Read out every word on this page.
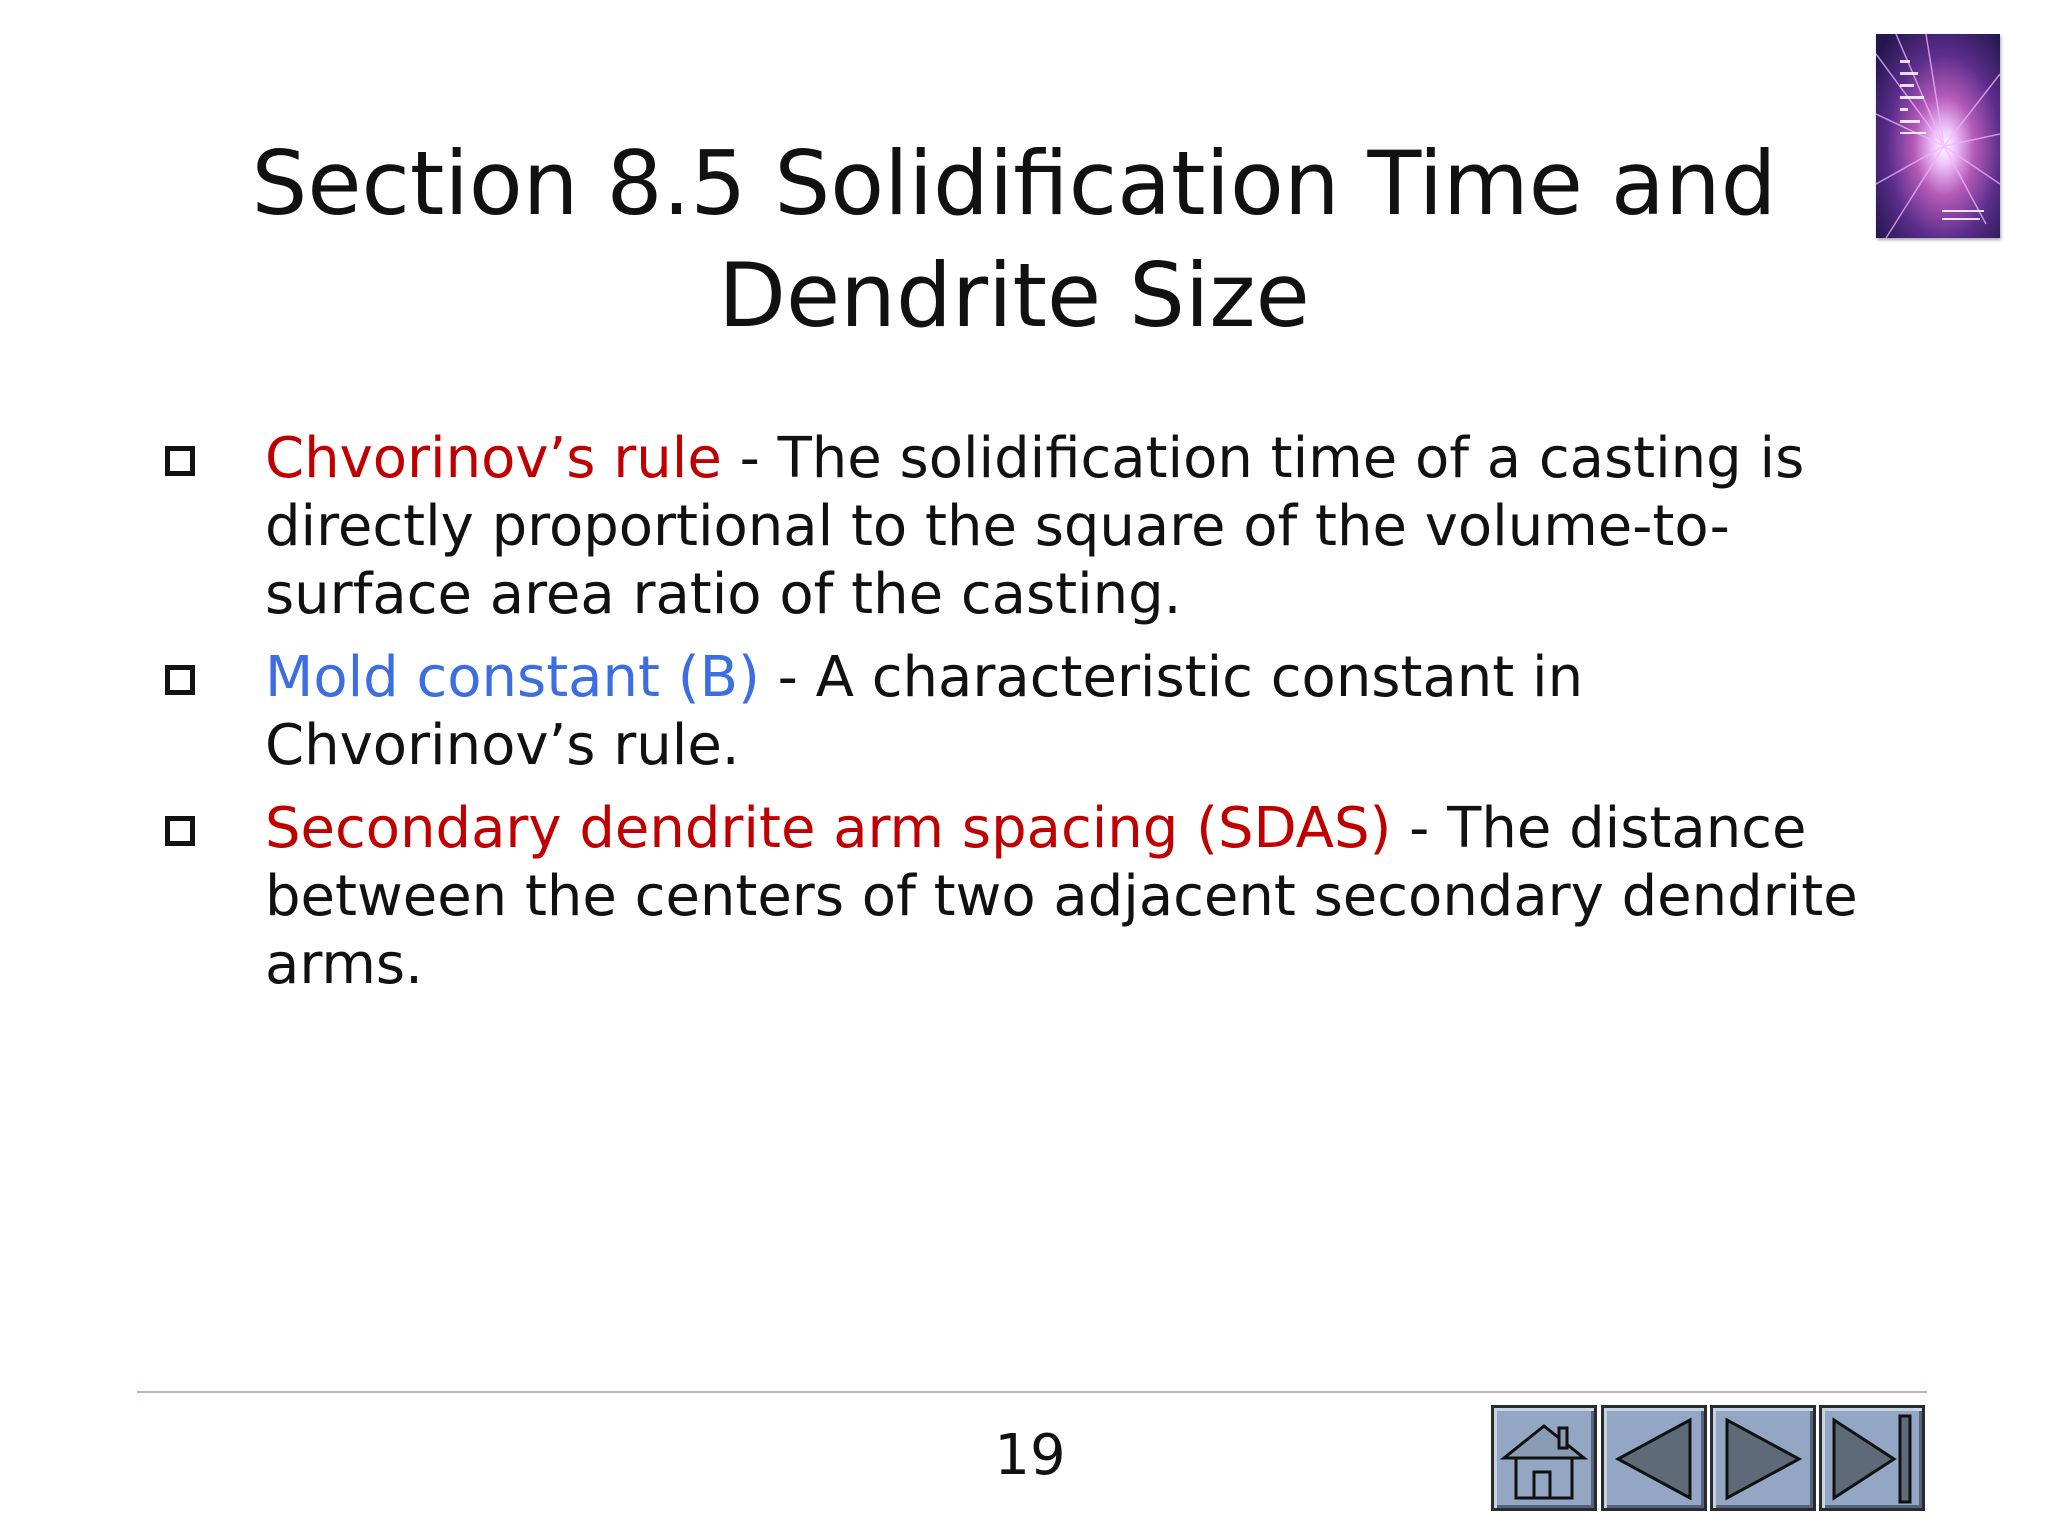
Section 8.5 Solidification Time and
Dendrite Size
Chvorinov’s rule - The solidification time of a casting is directly proportional to the square of the volume-to-surface area ratio of the casting.
Mold constant (B) - A characteristic constant in Chvorinov’s rule.
Secondary dendrite arm spacing (SDAS) - The distance between the centers of two adjacent secondary dendrite arms.
19
